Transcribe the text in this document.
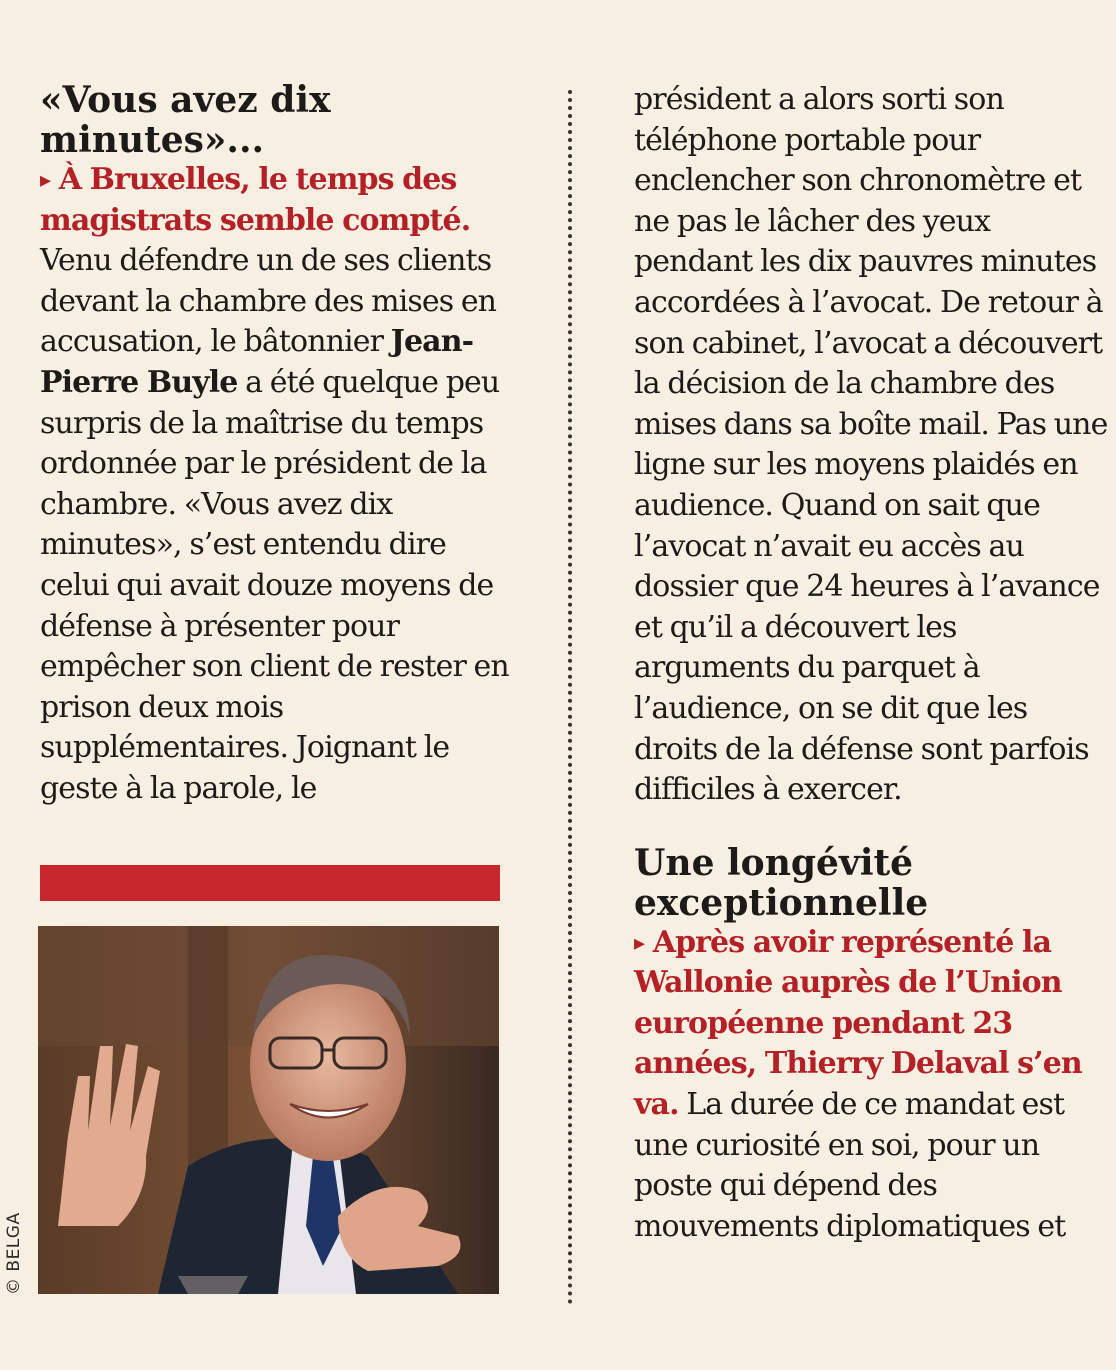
«Vous avez dix minutes»...

▸ À Bruxelles, le temps des magistrats semble compté.

Venu défendre un de ses clients devant la chambre des mises en accusation, le bâtonnier Jean-Pierre Buyle a été quelque peu surpris de la maîtrise du temps ordonnée par le président de la chambre. «Vous avez dix minutes», s’est entendu dire celui qui avait douze moyens de défense à présenter pour empêcher son client de rester en prison deux mois supplémentaires. Joignant le geste à la parole, le

© BELGA

président a alors sorti son téléphone portable pour enclencher son chronomètre et ne pas le lâcher des yeux pendant les dix pauvres minutes accordées à l’avocat. De retour à son cabinet, l’avocat a découvert la décision de la chambre des mises dans sa boîte mail. Pas une ligne sur les moyens plaidés en audience. Quand on sait que l’avocat n’avait eu accès au dossier que 24 heures à l’avance et qu’il a découvert les arguments du parquet à l’audience, on se dit que les droits de la défense sont parfois difficiles à exercer.

Une longévité exceptionnelle

▸ Après avoir représenté la Wallonie auprès de l’Union européenne pendant 23 années, Thierry Delaval s’en va. La durée de ce mandat est une curiosité en soi, pour un poste qui dépend des mouvements diplomatiques et
